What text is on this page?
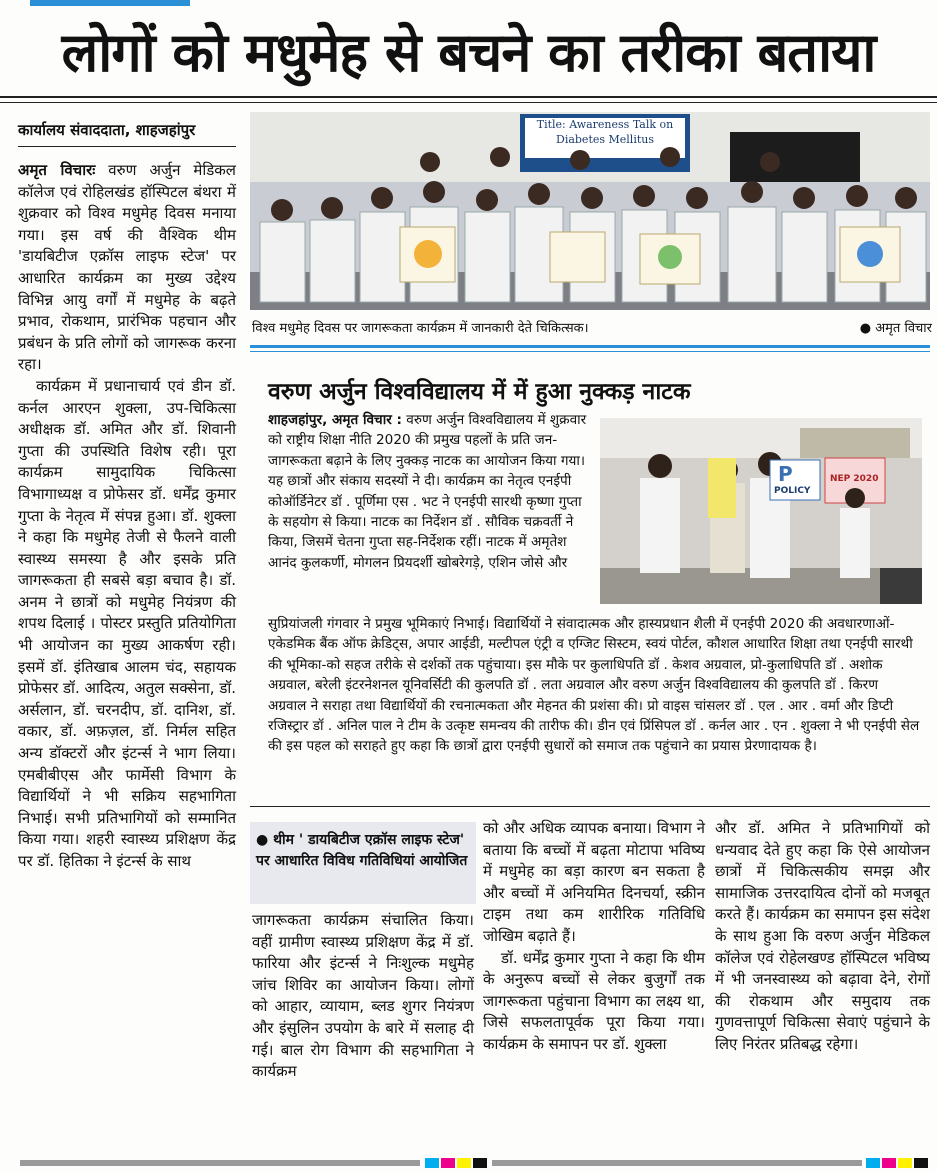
लोगों को मधुमेह से बचने का तरीका बताया
कार्यालय संवाददाता, शाहजहांपुर

अमृत विचारः वरुण अर्जुन मेडिकल कॉलेज एवं रोहिलखंड हॉस्पिटल बंथरा में शुक्रवार को विश्व मधुमेह दिवस मनाया गया। इस वर्ष की वैश्विक थीम 'डायबिटीज एक्रॉस लाइफ स्टेज' पर आधारित कार्यक्रम का मुख्य उद्देश्य विभिन्न आयु वर्गों में मधुमेह के बढ़ते प्रभाव, रोकथाम, प्रारंभिक पहचान और प्रबंधन के प्रति लोगों को जागरूक करना रहा।

कार्यक्रम में प्रधानाचार्य एवं डीन डॉ. कर्नल आरएन शुक्ला, उप-चिकित्सा अधीक्षक डॉ. अमित और डॉ. शिवानी गुप्ता की उपस्थिति विशेष रही। पूरा कार्यक्रम सामुदायिक चिकित्सा विभागाध्यक्ष व प्रोफेसर डॉ. धर्मेंद्र कुमार गुप्ता के नेतृत्व में संपन्न हुआ। डॉ. शुक्ला ने कहा कि मधुमेह तेजी से फैलने वाली स्वास्थ्य समस्या है और इसके प्रति जागरूकता ही सबसे बड़ा बचाव है। डॉ. अनम ने छात्रों को मधुमेह नियंत्रण की शपथ दिलाई । पोस्टर प्रस्तुति प्रतियोगिता भी आयोजन का मुख्य आकर्षण रही। इसमें डॉ. इंतिखाब आलम चंद, सहायक प्रोफेसर डॉ. आदित्य, अतुल सक्सेना, डॉ. अर्सलान, डॉ. चरनदीप, डॉ. दानिश, डॉ. वकार, डॉ. अफ़ज़ल, डॉ. निर्मल सहित अन्य डॉक्टरों और इंटर्न्स ने भाग लिया। एमबीबीएस और फार्मेसी विभाग के विद्यार्थियों ने भी सक्रिय सहभागिता निभाई। सभी प्रतिभागियों को सम्मानित किया गया। शहरी स्वास्थ्य प्रशिक्षण केंद्र पर डॉ. हितिका ने इंटर्न्स के साथ

Title: Awareness Talk on
Diabetes Mellitus
विश्व मधुमेह दिवस पर जागरूकता कार्यक्रम में जानकारी देते चिकित्सक।	● अमृत विचार
वरुण अर्जुन विश्वविद्यालय में में हुआ नुक्कड़ नाटक
शाहजहांपुर, अमृत विचार : वरुण अर्जुन विश्वविद्यालय में शुक्रवार को राष्ट्रीय शिक्षा नीति 2020 की प्रमुख पहलों के प्रति जन-जागरूकता बढ़ाने के लिए नुक्कड़ नाटक का आयोजन किया गया। यह छात्रों और संकाय सदस्यों ने दी। कार्यक्रम का नेतृत्व एनईपी कोऑर्डिनेटर डॉ . पूर्णिमा एस . भट ने एनईपी सारथी कृष्णा गुप्ता के सहयोग से किया। नाटक का निर्देशन डॉ . सौविक चक्रवर्ती ने किया, जिसमें चेतना गुप्ता सह-निर्देशक रहीं। नाटक में अमृतेश आनंद कुलकर्णी, मोगलन प्रियदर्शी खोबरेगड़े, एशिन जोसे और
P
POLICY
NEP 2020
सुप्रियांजली गंगवार ने प्रमुख भूमिकाएं निभाई। विद्यार्थियों ने संवादात्मक और हास्यप्रधान शैली में एनईपी 2020 की अवधारणाओं-एकेडमिक बैंक ऑफ क्रेडिट्स, अपार आईडी, मल्टीपल एंट्री व एग्जिट सिस्टम, स्वयं पोर्टल, कौशल आधारित शिक्षा तथा एनईपी सारथी की भूमिका-को सहज तरीके से दर्शकों तक पहुंचाया। इस मौके पर कुलाधिपति डॉ . केशव अग्रवाल, प्रो-कुलाधिपति डॉ . अशोक अग्रवाल, बरेली इंटरनेशनल यूनिवर्सिटी की कुलपति डॉ . लता अग्रवाल और वरुण अर्जुन विश्वविद्यालय की कुलपति डॉ . किरण अग्रवाल ने सराहा तथा विद्यार्थियों की रचनात्मकता और मेहनत की प्रशंसा की। प्रो वाइस चांसलर डॉ . एल . आर . वर्मा और डिप्टी रजिस्ट्रार डॉ . अनिल पाल ने टीम के उत्कृष्ट समन्वय की तारीफ की। डीन एवं प्रिंसिपल डॉ . कर्नल आर . एन . शुक्ला ने भी एनईपी सेल की इस पहल को सराहते हुए कहा कि छात्रों द्वारा एनईपी सुधारों को समाज तक पहुंचाने का प्रयास प्रेरणादायक है।
● थीम ' डायबिटीज एक्रॉस लाइफ स्टेज' पर आधारित विविध गतिविधियां आयोजित
जागरूकता कार्यक्रम संचालित किया। वहीं ग्रामीण स्वास्थ्य प्रशिक्षण केंद्र में डॉ. फारिया और इंटर्न्स ने निःशुल्क मधुमेह जांच शिविर का आयोजन किया। लोगों को आहार, व्यायाम, ब्लड शुगर नियंत्रण और इंसुलिन उपयोग के बारे में सलाह दी गई। बाल रोग विभाग की सहभागिता ने कार्यक्रम

को और अधिक व्यापक बनाया। विभाग ने बताया कि बच्चों में बढ़ता मोटापा भविष्य में मधुमेह का बड़ा कारण बन सकता है और बच्चों में अनियमित दिनचर्या, स्क्रीन टाइम तथा कम शारीरिक गतिविधि जोखिम बढ़ाते हैं।

डॉ. धर्मेंद्र कुमार गुप्ता ने कहा कि थीम के अनुरूप बच्चों से लेकर बुजुर्गों तक जागरूकता पहुंचाना विभाग का लक्ष्य था, जिसे सफलतापूर्वक पूरा किया गया। कार्यक्रम के समापन पर डॉ. शुक्ला

और डॉ. अमित ने प्रतिभागियों को धन्यवाद देते हुए कहा कि ऐसे आयोजन छात्रों में चिकित्सकीय समझ और सामाजिक उत्तरदायित्व दोनों को मजबूत करते हैं। कार्यक्रम का समापन इस संदेश के साथ हुआ कि वरुण अर्जुन मेडिकल कॉलेज एवं रोहेलखण्ड हॉस्पिटल भविष्य में भी जनस्वास्थ्य को बढ़ावा देने, रोगों की रोकथाम और समुदाय तक गुणवत्तापूर्ण चिकित्सा सेवाएं पहुंचाने के लिए निरंतर प्रतिबद्ध रहेगा।
